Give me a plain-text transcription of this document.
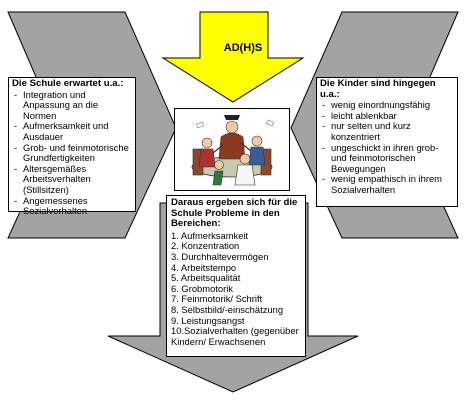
AD(H)S
Die Schule erwartet u.a.:
- Integration und Anpassung an die Normen
- Aufmerksamkeit und Ausdauer
- Grob- und feinmotorische Grundfertigkeiten
- Altersgemäßes Arbeitsverhalten (Stillsitzen)
- Angemessenes Sozialverhalten
Die Kinder sind hingegen u.a.:
- wenig einordnungsfähig
- leicht ablenkbar
- nur selten und kurz konzentriert
- ungeschickt in ihren grob- und feinmotorischen Bewegungen
- wenig empathisch in ihrem Sozialverhalten
Daraus ergeben sich für die Schule Probleme in den Bereichen:
1. Aufmerksamkeit
2. Konzentration
3. Durchhaltevermögen
4. Arbeitstempo
5. Arbeitsqualität
6. Grobmotorik
7. Feinmotorik/ Schrift
8. Selbstbild/-einschätzung
9. Leistungsangst
10.Sozialverhalten (gegenüber Kindern/ Erwachsenen
